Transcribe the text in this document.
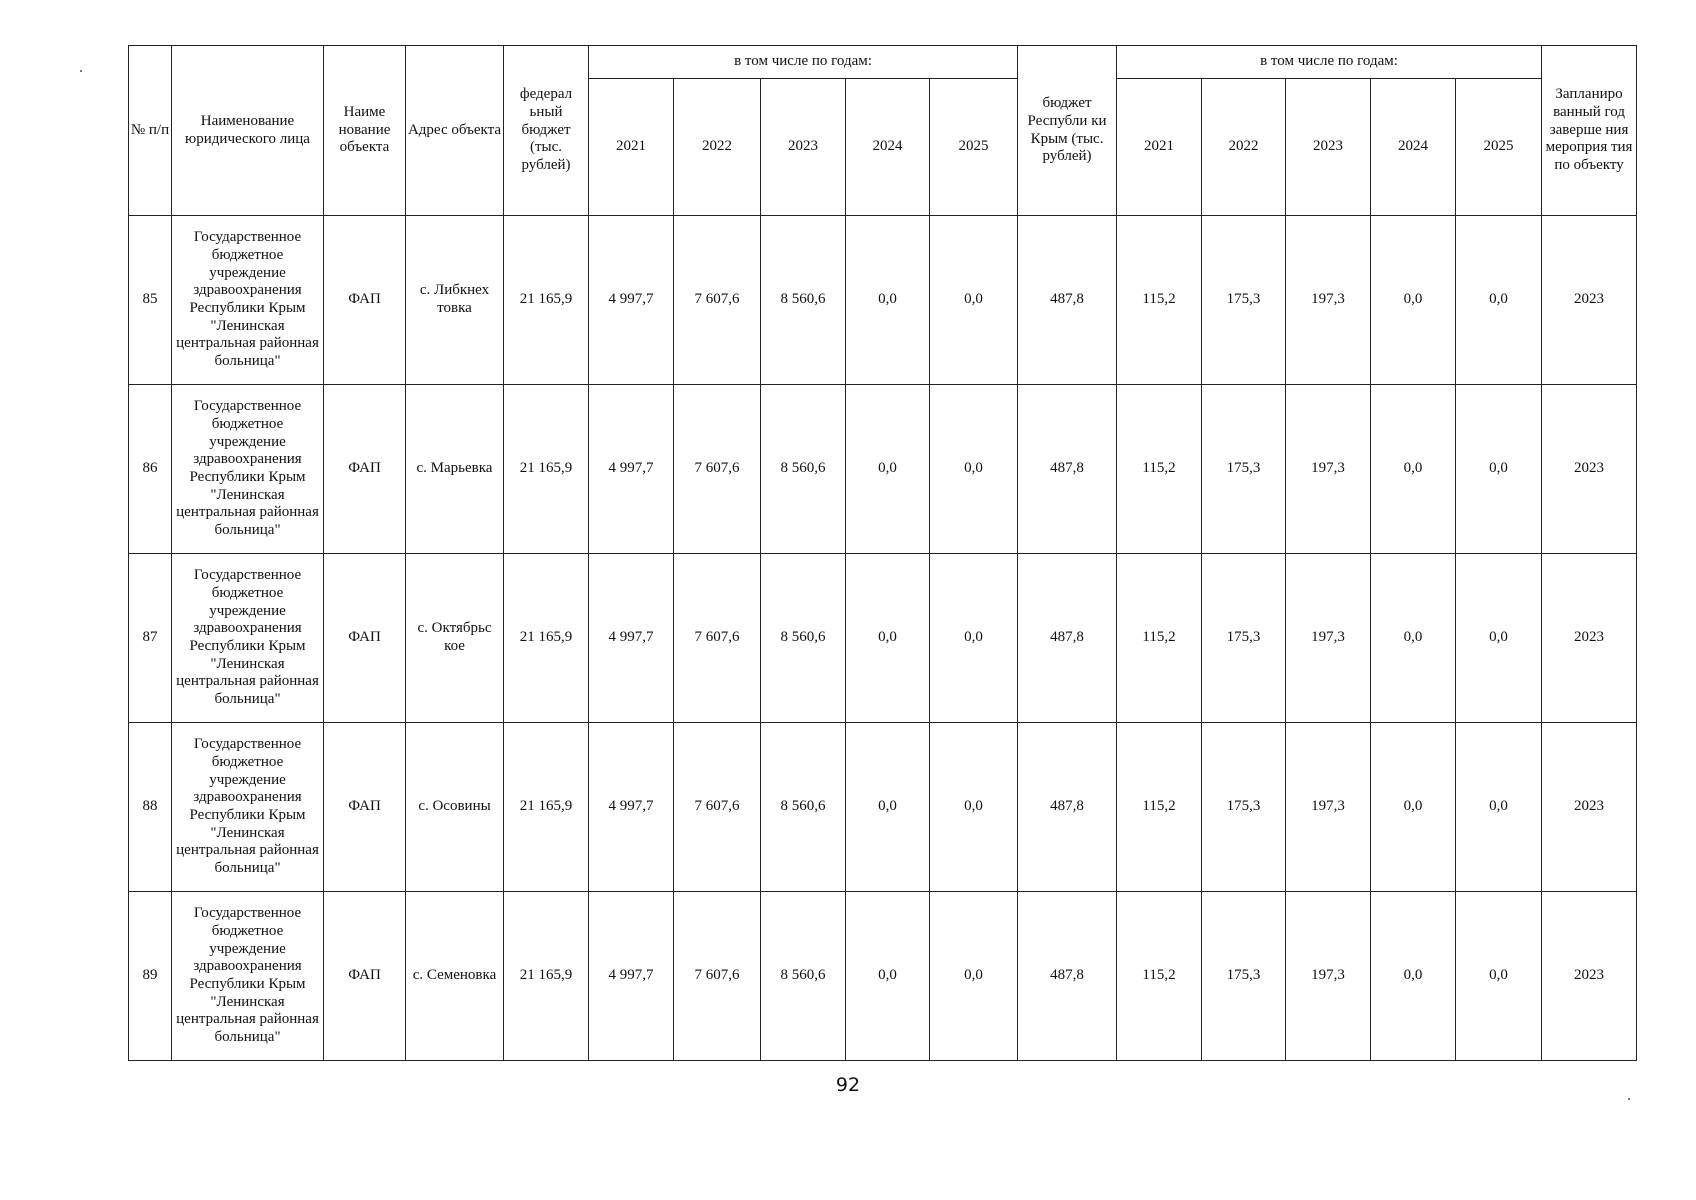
№ п/п	Наименование юридического лица	Наиме нование объекта	Адрес объекта	федерал ьный бюджет (тыс. рублей)	в том числе по годам:					бюджет Республи ки Крым (тыс. рублей)	в том числе по годам:					Запланиро ванный год заверше ния мероприя тия по объекту
					2021	2022	2023	2024	2025		2021	2022	2023	2024	2025	
85	Государственное бюджетное учреждение здравоохранения Республики Крым "Ленинская центральная районная больница"	ФАП	с. Либкнех товка	21 165,9	4 997,7	7 607,6	8 560,6	0,0	0,0	487,8	115,2	175,3	197,3	0,0	0,0	2023
86	Государственное бюджетное учреждение здравоохранения Республики Крым "Ленинская центральная районная больница"	ФАП	с. Марьевка	21 165,9	4 997,7	7 607,6	8 560,6	0,0	0,0	487,8	115,2	175,3	197,3	0,0	0,0	2023
87	Государственное бюджетное учреждение здравоохранения Республики Крым "Ленинская центральная районная больница"	ФАП	с. Октябрьс кое	21 165,9	4 997,7	7 607,6	8 560,6	0,0	0,0	487,8	115,2	175,3	197,3	0,0	0,0	2023
88	Государственное бюджетное учреждение здравоохранения Республики Крым "Ленинская центральная районная больница"	ФАП	с. Осовины	21 165,9	4 997,7	7 607,6	8 560,6	0,0	0,0	487,8	115,2	175,3	197,3	0,0	0,0	2023
89	Государственное бюджетное учреждение здравоохранения Республики Крым "Ленинская центральная районная больница"	ФАП	с. Семеновка	21 165,9	4 997,7	7 607,6	8 560,6	0,0	0,0	487,8	115,2	175,3	197,3	0,0	0,0	2023
92
